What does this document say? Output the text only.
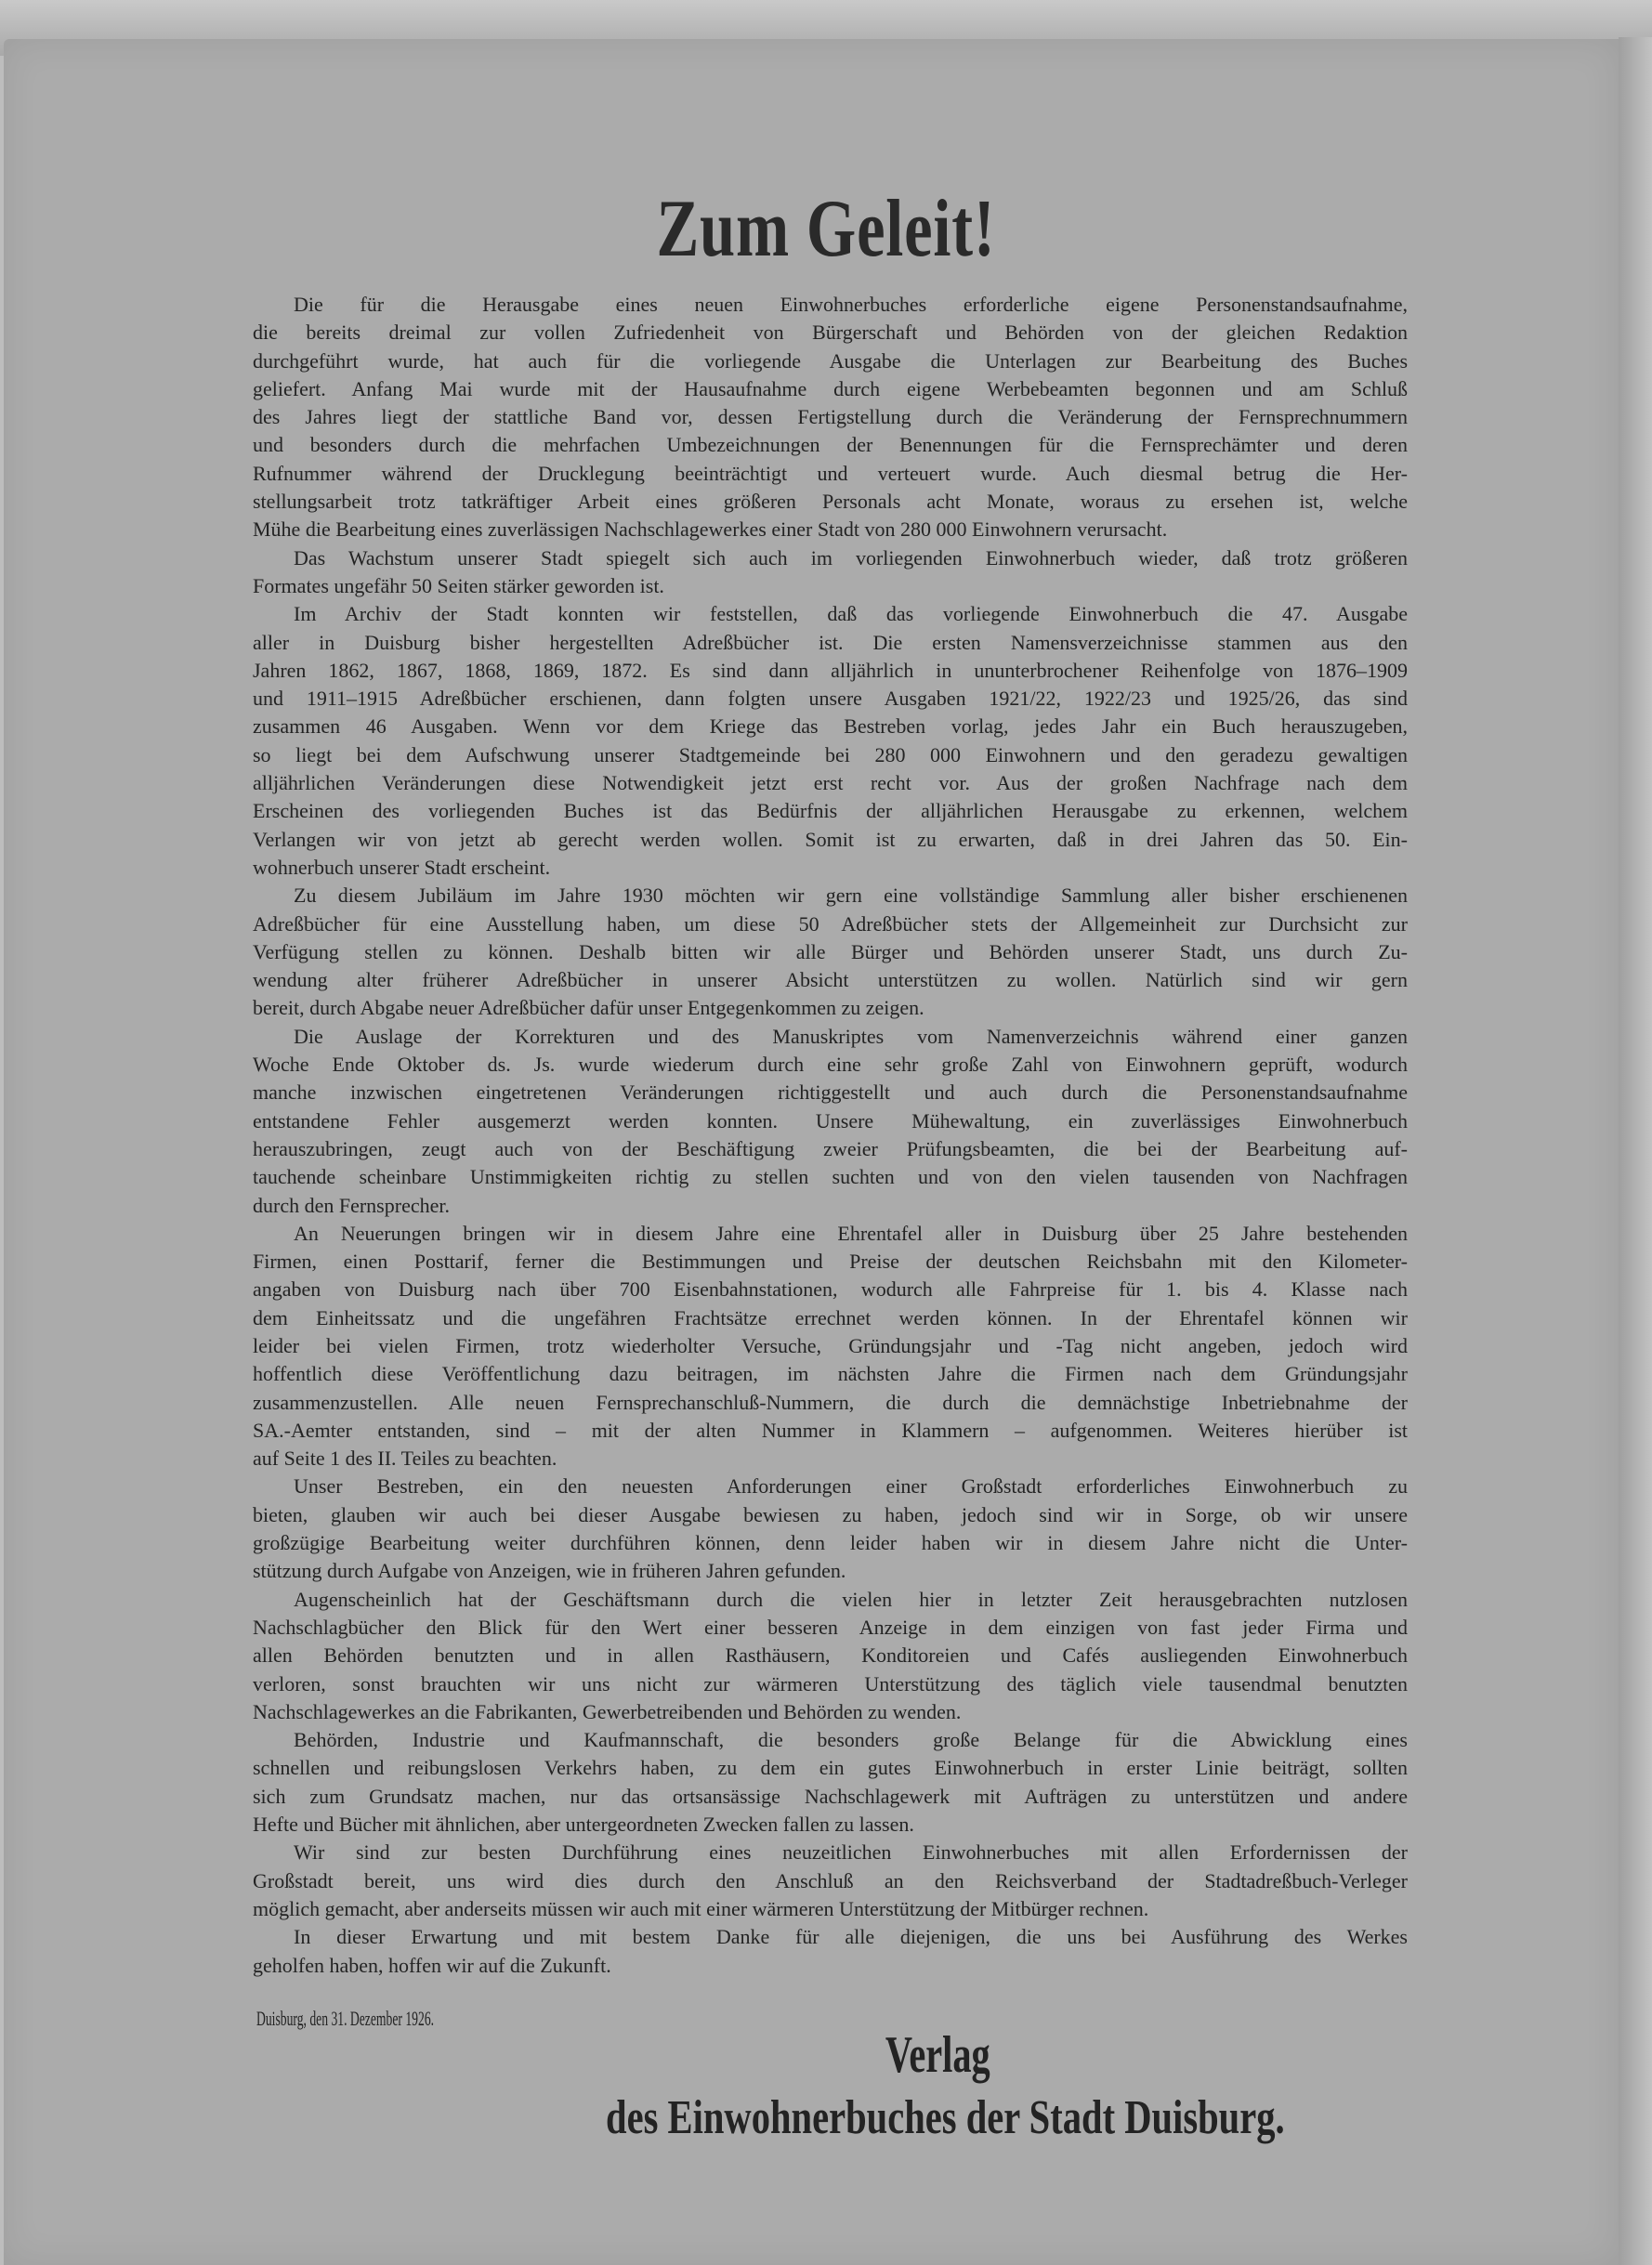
Zum Geleit!
Die für die Herausgabe eines neuen Einwohnerbuches erforderliche eigene Personenstandsaufnahme,
die bereits dreimal zur vollen Zufriedenheit von Bürgerschaft und Behörden von der gleichen Redaktion
durchgeführt wurde, hat auch für die vorliegende Ausgabe die Unterlagen zur Bearbeitung des Buches
geliefert. Anfang Mai wurde mit der Hausaufnahme durch eigene Werbebeamten begonnen und am Schluß
des Jahres liegt der stattliche Band vor, dessen Fertigstellung durch die Veränderung der Fernsprechnummern
und besonders durch die mehrfachen Umbezeichnungen der Benennungen für die Fernsprechämter und deren
Rufnummer während der Drucklegung beeinträchtigt und verteuert wurde. Auch diesmal betrug die Her-
stellungsarbeit trotz tatkräftiger Arbeit eines größeren Personals acht Monate, woraus zu ersehen ist, welche
Mühe die Bearbeitung eines zuverlässigen Nachschlagewerkes einer Stadt von 280 000 Einwohnern verursacht.
Das Wachstum unserer Stadt spiegelt sich auch im vorliegenden Einwohnerbuch wieder, daß trotz größeren
Formates ungefähr 50 Seiten stärker geworden ist.
Im Archiv der Stadt konnten wir feststellen, daß das vorliegende Einwohnerbuch die 47. Ausgabe
aller in Duisburg bisher hergestellten Adreßbücher ist. Die ersten Namensverzeichnisse stammen aus den
Jahren 1862, 1867, 1868, 1869, 1872. Es sind dann alljährlich in ununterbrochener Reihenfolge von 1876–1909
und 1911–1915 Adreßbücher erschienen, dann folgten unsere Ausgaben 1921/22, 1922/23 und 1925/26, das sind
zusammen 46 Ausgaben. Wenn vor dem Kriege das Bestreben vorlag, jedes Jahr ein Buch herauszugeben,
so liegt bei dem Aufschwung unserer Stadtgemeinde bei 280 000 Einwohnern und den geradezu gewaltigen
alljährlichen Veränderungen diese Notwendigkeit jetzt erst recht vor. Aus der großen Nachfrage nach dem
Erscheinen des vorliegenden Buches ist das Bedürfnis der alljährlichen Herausgabe zu erkennen, welchem
Verlangen wir von jetzt ab gerecht werden wollen. Somit ist zu erwarten, daß in drei Jahren das 50. Ein-
wohnerbuch unserer Stadt erscheint.
Zu diesem Jubiläum im Jahre 1930 möchten wir gern eine vollständige Sammlung aller bisher erschienenen
Adreßbücher für eine Ausstellung haben, um diese 50 Adreßbücher stets der Allgemeinheit zur Durchsicht zur
Verfügung stellen zu können. Deshalb bitten wir alle Bürger und Behörden unserer Stadt, uns durch Zu-
wendung alter früherer Adreßbücher in unserer Absicht unterstützen zu wollen. Natürlich sind wir gern
bereit, durch Abgabe neuer Adreßbücher dafür unser Entgegenkommen zu zeigen.
Die Auslage der Korrekturen und des Manuskriptes vom Namenverzeichnis während einer ganzen
Woche Ende Oktober ds. Js. wurde wiederum durch eine sehr große Zahl von Einwohnern geprüft, wodurch
manche inzwischen eingetretenen Veränderungen richtiggestellt und auch durch die Personenstandsaufnahme
entstandene Fehler ausgemerzt werden konnten. Unsere Mühewaltung, ein zuverlässiges Einwohnerbuch
herauszubringen, zeugt auch von der Beschäftigung zweier Prüfungsbeamten, die bei der Bearbeitung auf-
tauchende scheinbare Unstimmigkeiten richtig zu stellen suchten und von den vielen tausenden von Nachfragen
durch den Fernsprecher.
An Neuerungen bringen wir in diesem Jahre eine Ehrentafel aller in Duisburg über 25 Jahre bestehenden
Firmen, einen Posttarif, ferner die Bestimmungen und Preise der deutschen Reichsbahn mit den Kilometer-
angaben von Duisburg nach über 700 Eisenbahnstationen, wodurch alle Fahrpreise für 1. bis 4. Klasse nach
dem Einheitssatz und die ungefähren Frachtsätze errechnet werden können. In der Ehrentafel können wir
leider bei vielen Firmen, trotz wiederholter Versuche, Gründungsjahr und -Tag nicht angeben, jedoch wird
hoffentlich diese Veröffentlichung dazu beitragen, im nächsten Jahre die Firmen nach dem Gründungsjahr
zusammenzustellen. Alle neuen Fernsprechanschluß-Nummern, die durch die demnächstige Inbetriebnahme der
SA.-Aemter entstanden, sind – mit der alten Nummer in Klammern – aufgenommen. Weiteres hierüber ist
auf Seite 1 des II. Teiles zu beachten.
Unser Bestreben, ein den neuesten Anforderungen einer Großstadt erforderliches Einwohnerbuch zu
bieten, glauben wir auch bei dieser Ausgabe bewiesen zu haben, jedoch sind wir in Sorge, ob wir unsere
großzügige Bearbeitung weiter durchführen können, denn leider haben wir in diesem Jahre nicht die Unter-
stützung durch Aufgabe von Anzeigen, wie in früheren Jahren gefunden.
Augenscheinlich hat der Geschäftsmann durch die vielen hier in letzter Zeit herausgebrachten nutzlosen
Nachschlagbücher den Blick für den Wert einer besseren Anzeige in dem einzigen von fast jeder Firma und
allen Behörden benutzten und in allen Rasthäusern, Konditoreien und Cafés ausliegenden Einwohnerbuch
verloren, sonst brauchten wir uns nicht zur wärmeren Unterstützung des täglich viele tausendmal benutzten
Nachschlagewerkes an die Fabrikanten, Gewerbetreibenden und Behörden zu wenden.
Behörden, Industrie und Kaufmannschaft, die besonders große Belange für die Abwicklung eines
schnellen und reibungslosen Verkehrs haben, zu dem ein gutes Einwohnerbuch in erster Linie beiträgt, sollten
sich zum Grundsatz machen, nur das ortsansässige Nachschlagewerk mit Aufträgen zu unterstützen und andere
Hefte und Bücher mit ähnlichen, aber untergeordneten Zwecken fallen zu lassen.
Wir sind zur besten Durchführung eines neuzeitlichen Einwohnerbuches mit allen Erfordernissen der
Großstadt bereit, uns wird dies durch den Anschluß an den Reichsverband der Stadtadreßbuch-Verleger
möglich gemacht, aber anderseits müssen wir auch mit einer wärmeren Unterstützung der Mitbürger rechnen.
In dieser Erwartung und mit bestem Danke für alle diejenigen, die uns bei Ausführung des Werkes
geholfen haben, hoffen wir auf die Zukunft.
Duisburg, den 31. Dezember 1926.
Verlag
des Einwohnerbuches der Stadt Duisburg.
